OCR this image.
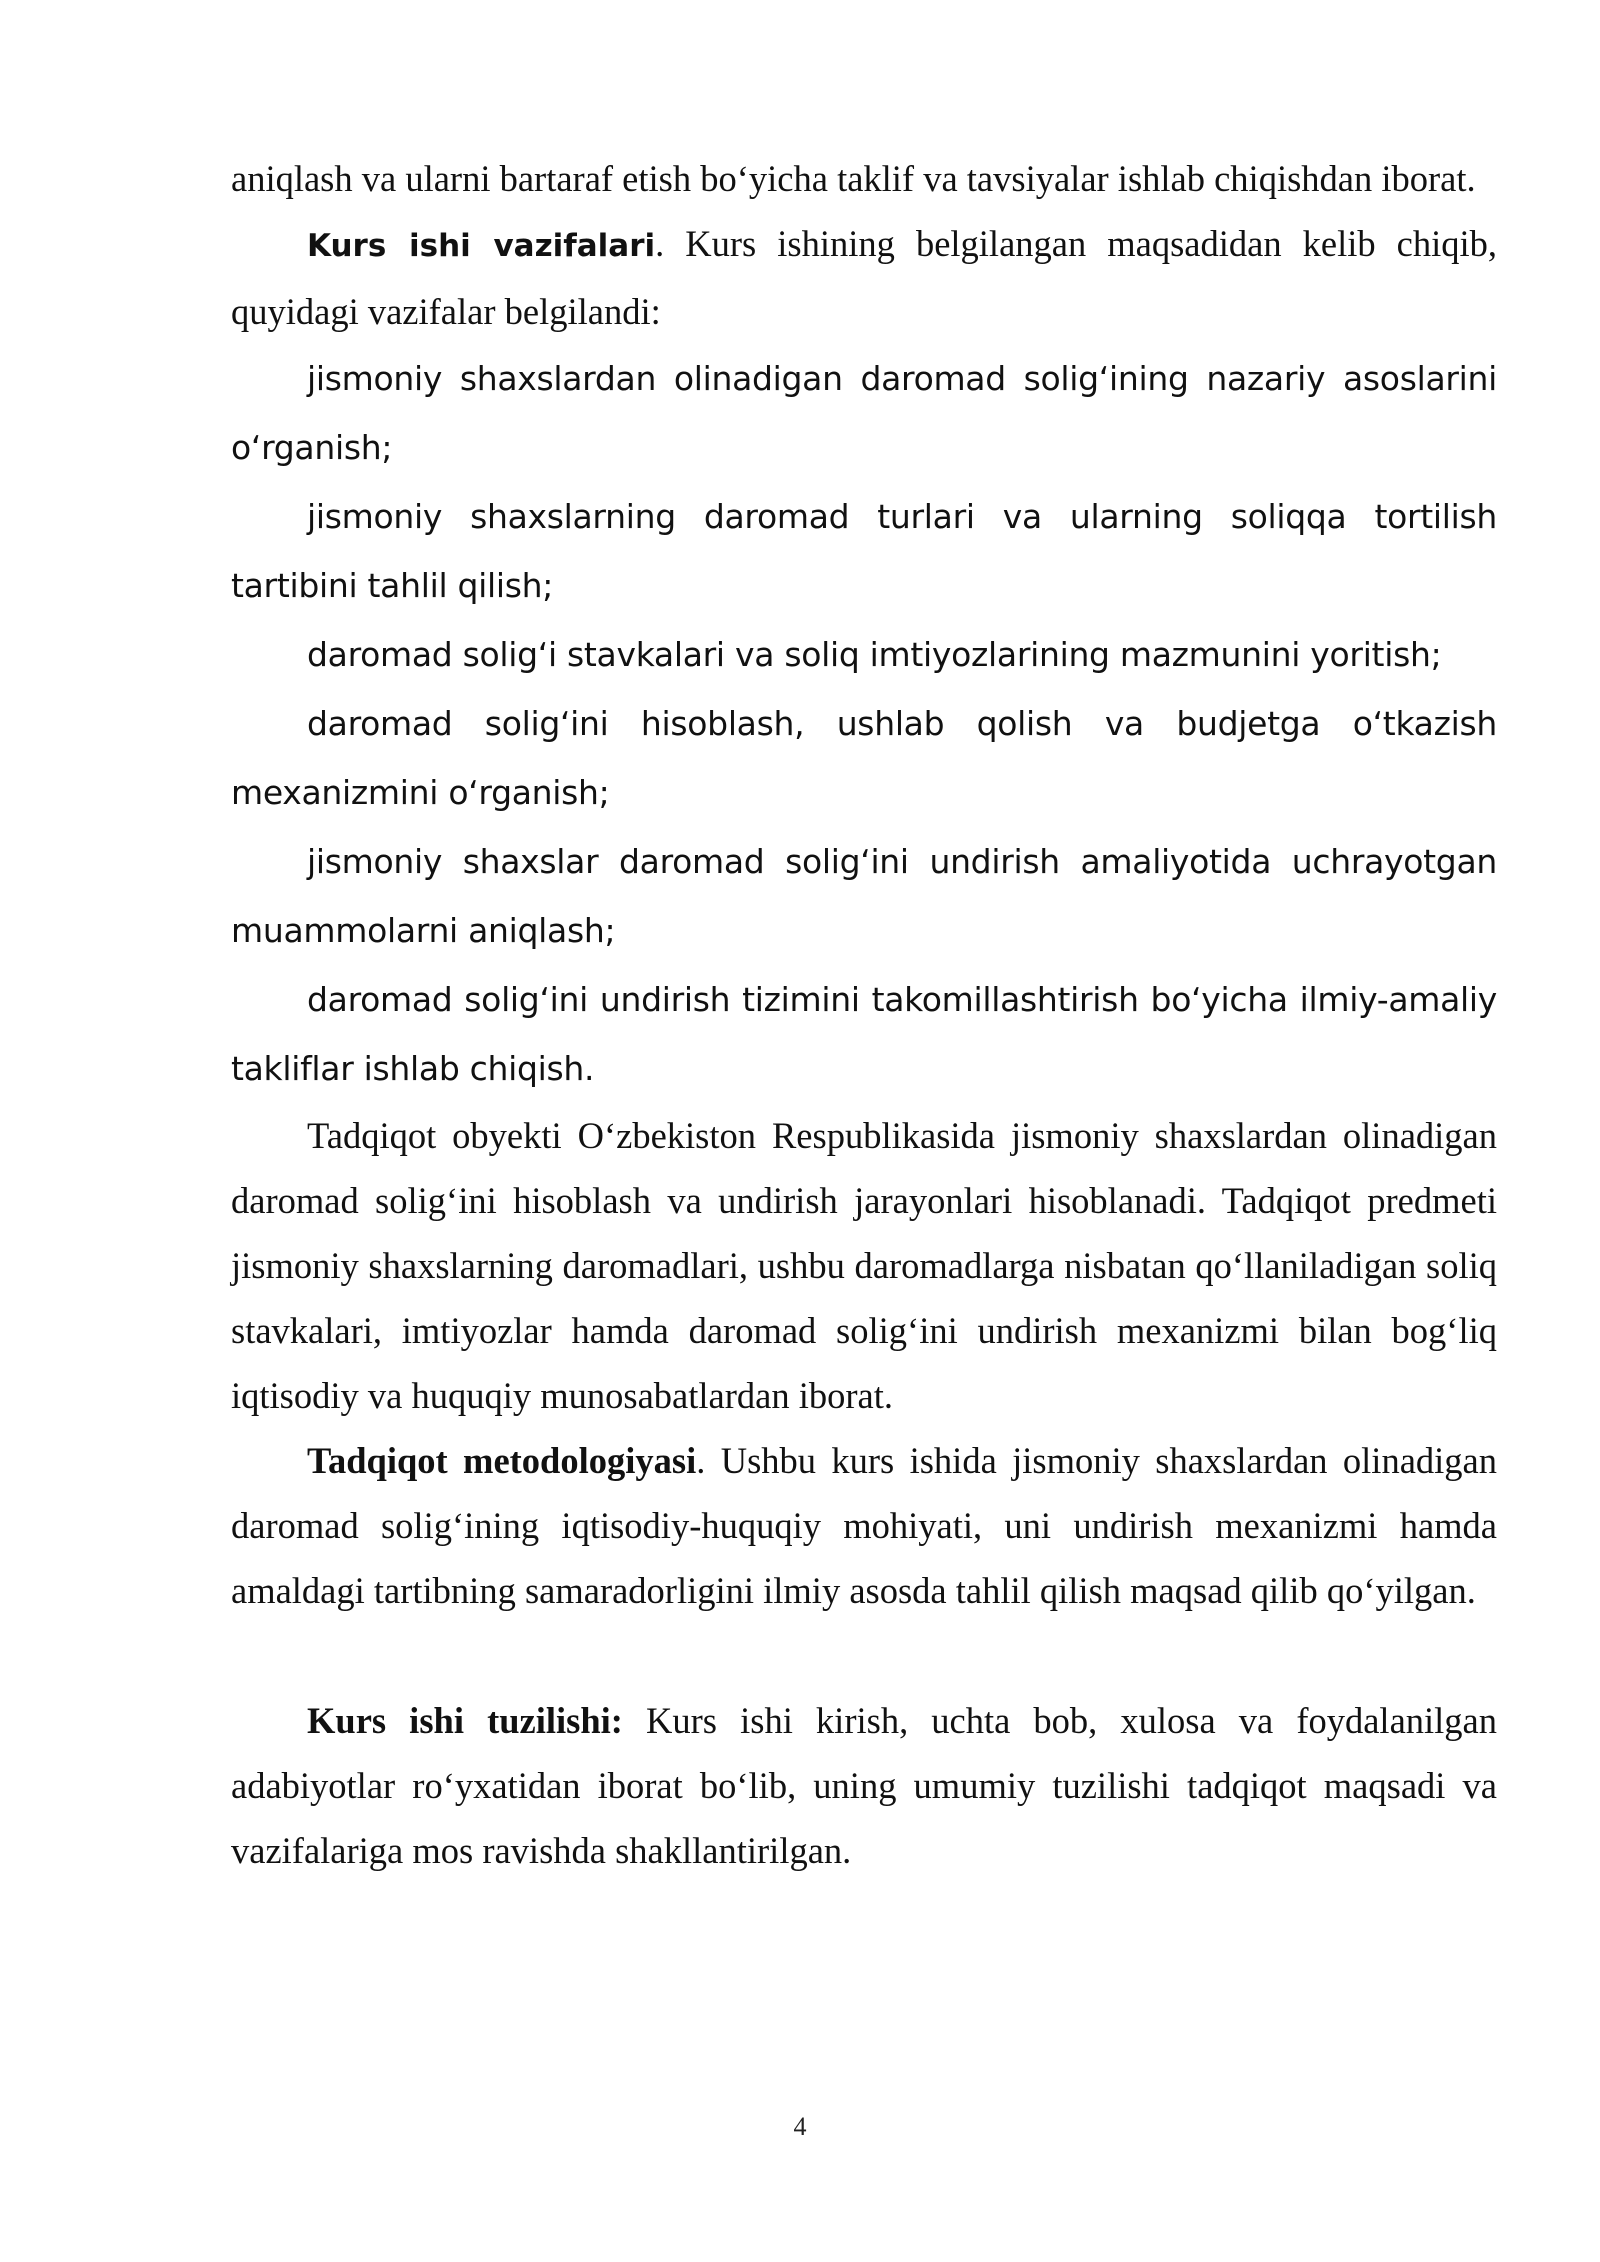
aniqlash va ularni bartaraf etish bo‘yicha taklif va tavsiyalar ishlab chiqishdan iborat.

Kurs ishi vazifalari. Kurs ishining belgilangan maqsadidan kelib chiqib, quyidagi vazifalar belgilandi:

jismoniy shaxslardan olinadigan daromad solig‘ining nazariy asoslarini o‘rganish;

jismoniy shaxslarning daromad turlari va ularning soliqqa tortilish tartibini tahlil qilish;

daromad solig‘i stavkalari va soliq imtiyozlarining mazmunini yoritish;

daromad solig‘ini hisoblash, ushlab qolish va budjetga o‘tkazish mexanizmini o‘rganish;

jismoniy shaxslar daromad solig‘ini undirish amaliyotida uchrayotgan muammolarni aniqlash;

daromad solig‘ini undirish tizimini takomillashtirish bo‘yicha ilmiy-amaliy takliflar ishlab chiqish.

Tadqiqot obyekti O‘zbekiston Respublikasida jismoniy shaxslardan olinadigan daromad solig‘ini hisoblash va undirish jarayonlari hisoblanadi. Tadqiqot predmeti jismoniy shaxslarning daromadlari, ushbu daromadlarga nisbatan qo‘llaniladigan soliq stavkalari, imtiyozlar hamda daromad solig‘ini undirish mexanizmi bilan bog‘liq iqtisodiy va huquqiy munosabatlardan iborat.

Tadqiqot metodologiyasi. Ushbu kurs ishida jismoniy shaxslardan olinadigan daromad solig‘ining iqtisodiy-huquqiy mohiyati, uni undirish mexanizmi hamda amaldagi tartibning samaradorligini ilmiy asosda tahlil qilish maqsad qilib qo‘yilgan.

Kurs ishi tuzilishi: Kurs ishi kirish, uchta bob, xulosa va foydalanilgan adabiyotlar ro‘yxatidan iborat bo‘lib, uning umumiy tuzilishi tadqiqot maqsadi va vazifalariga mos ravishda shakllantirilgan.

4
